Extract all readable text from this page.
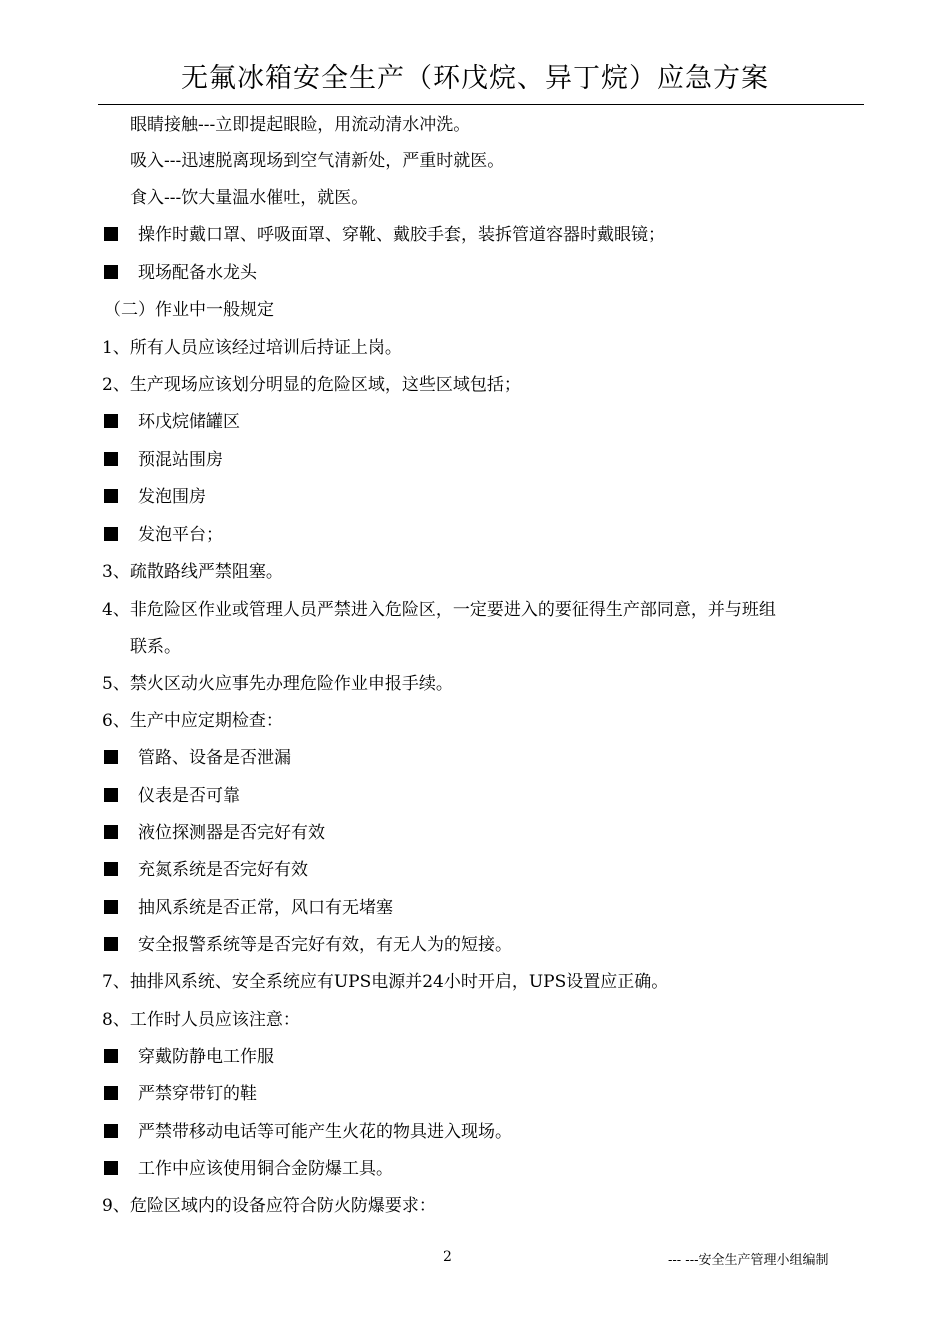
无氟冰箱安全生产（环戊烷、异丁烷）应急方案
眼睛接触---立即提起眼睑，用流动清水冲洗。
吸入---迅速脱离现场到空气清新处，严重时就医。
食入---饮大量温水催吐，就医。
操作时戴口罩、呼吸面罩、穿靴、戴胶手套，装拆管道容器时戴眼镜；
现场配备水龙头
（二）作业中一般规定
1、所有人员应该经过培训后持证上岗。
2、生产现场应该划分明显的危险区域，这些区域包括；
环戊烷储罐区
预混站围房
发泡围房
发泡平台；
3、疏散路线严禁阻塞。
4、非危险区作业或管理人员严禁进入危险区，一定要进入的要征得生产部同意，并与班组
联系。
5、禁火区动火应事先办理危险作业申报手续。
6、生产中应定期检查：
管路、设备是否泄漏
仪表是否可靠
液位探测器是否完好有效
充氮系统是否完好有效
抽风系统是否正常，风口有无堵塞
安全报警系统等是否完好有效，有无人为的短接。
7、抽排风系统、安全系统应有UPS电源并24小时开启，UPS设置应正确。
8、工作时人员应该注意：
穿戴防静电工作服
严禁穿带钉的鞋
严禁带移动电话等可能产生火花的物具进入现场。
工作中应该使用铜合金防爆工具。
9、危险区域内的设备应符合防火防爆要求：
2	--- ---安全生产管理小组编制
